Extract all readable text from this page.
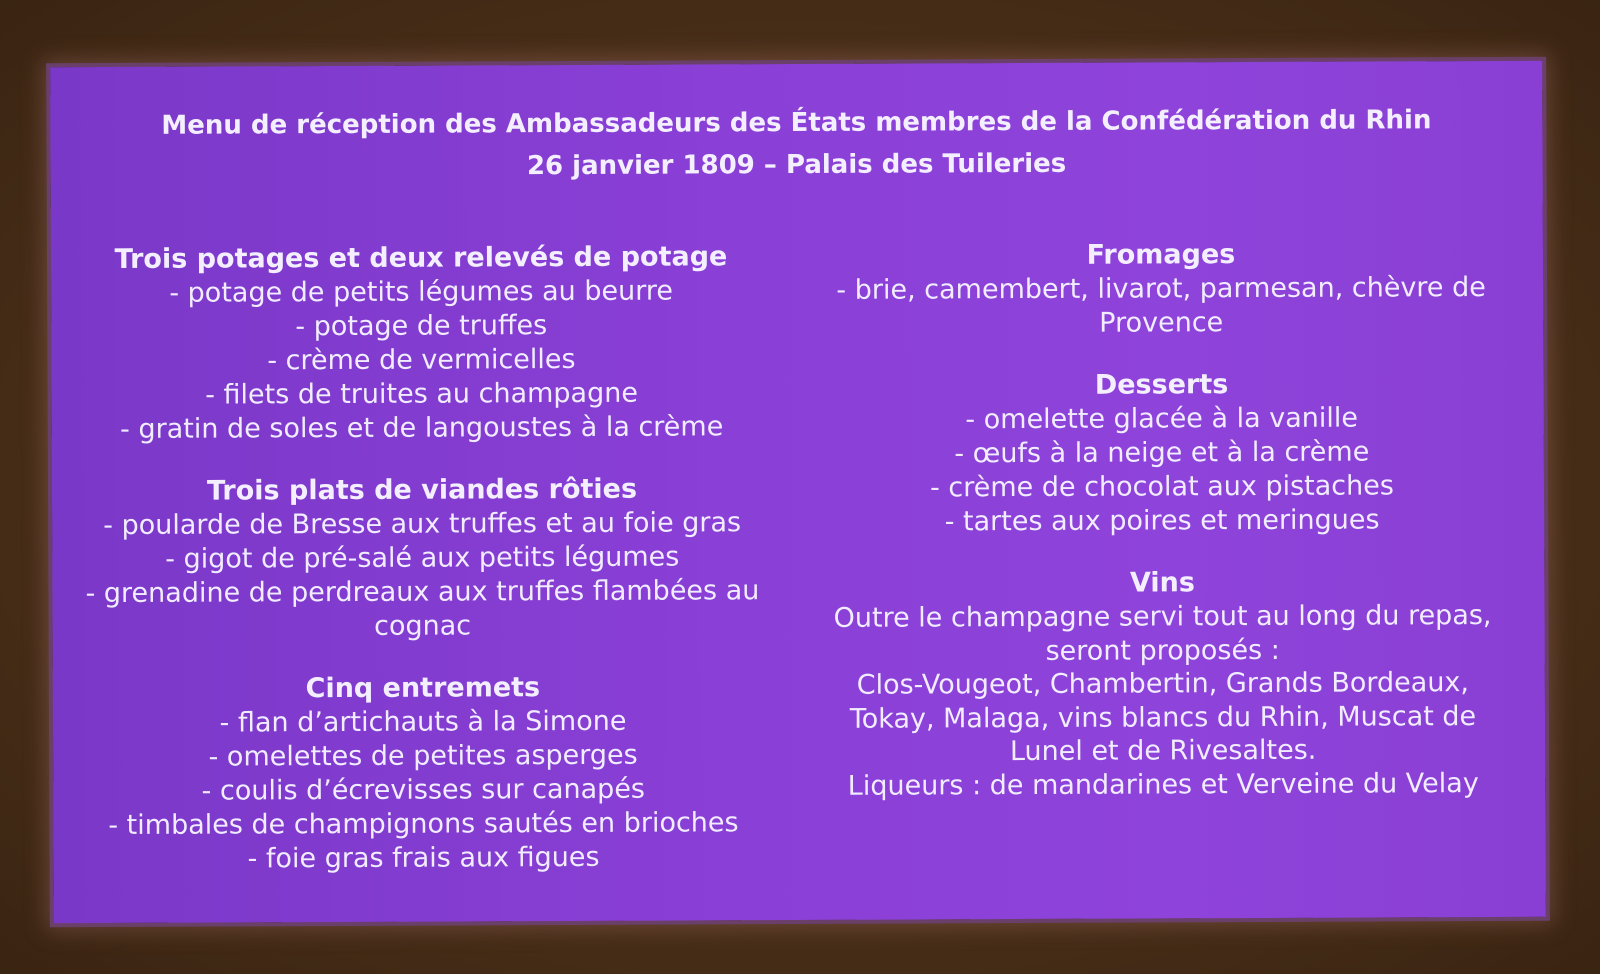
Menu de réception des Ambassadeurs des États membres de la Confédération du Rhin
26 janvier 1809 – Palais des Tuileries
Trois potages et deux relevés de potage
- potage de petits légumes au beurre
- potage de truffes
- crème de vermicelles
- filets de truites au champagne
- gratin de soles et de langoustes à la crème
Trois plats de viandes rôties
- poularde de Bresse aux truffes et au foie gras
- gigot de pré-salé aux petits légumes
- grenadine de perdreaux aux truffes flambées au
cognac
Cinq entremets
- flan d’artichauts à la Simone
- omelettes de petites asperges
- coulis d’écrevisses sur canapés
- timbales de champignons sautés en brioches
- foie gras frais aux figues
Fromages
- brie, camembert, livarot, parmesan, chèvre de
Provence
Desserts
- omelette glacée à la vanille
- œufs à la neige et à la crème
- crème de chocolat aux pistaches
- tartes aux poires et meringues
Vins
Outre le champagne servi tout au long du repas,
seront proposés :
Clos-Vougeot, Chambertin, Grands Bordeaux,
Tokay, Malaga, vins blancs du Rhin, Muscat de
Lunel et de Rivesaltes.
Liqueurs : de mandarines et Verveine du Velay
